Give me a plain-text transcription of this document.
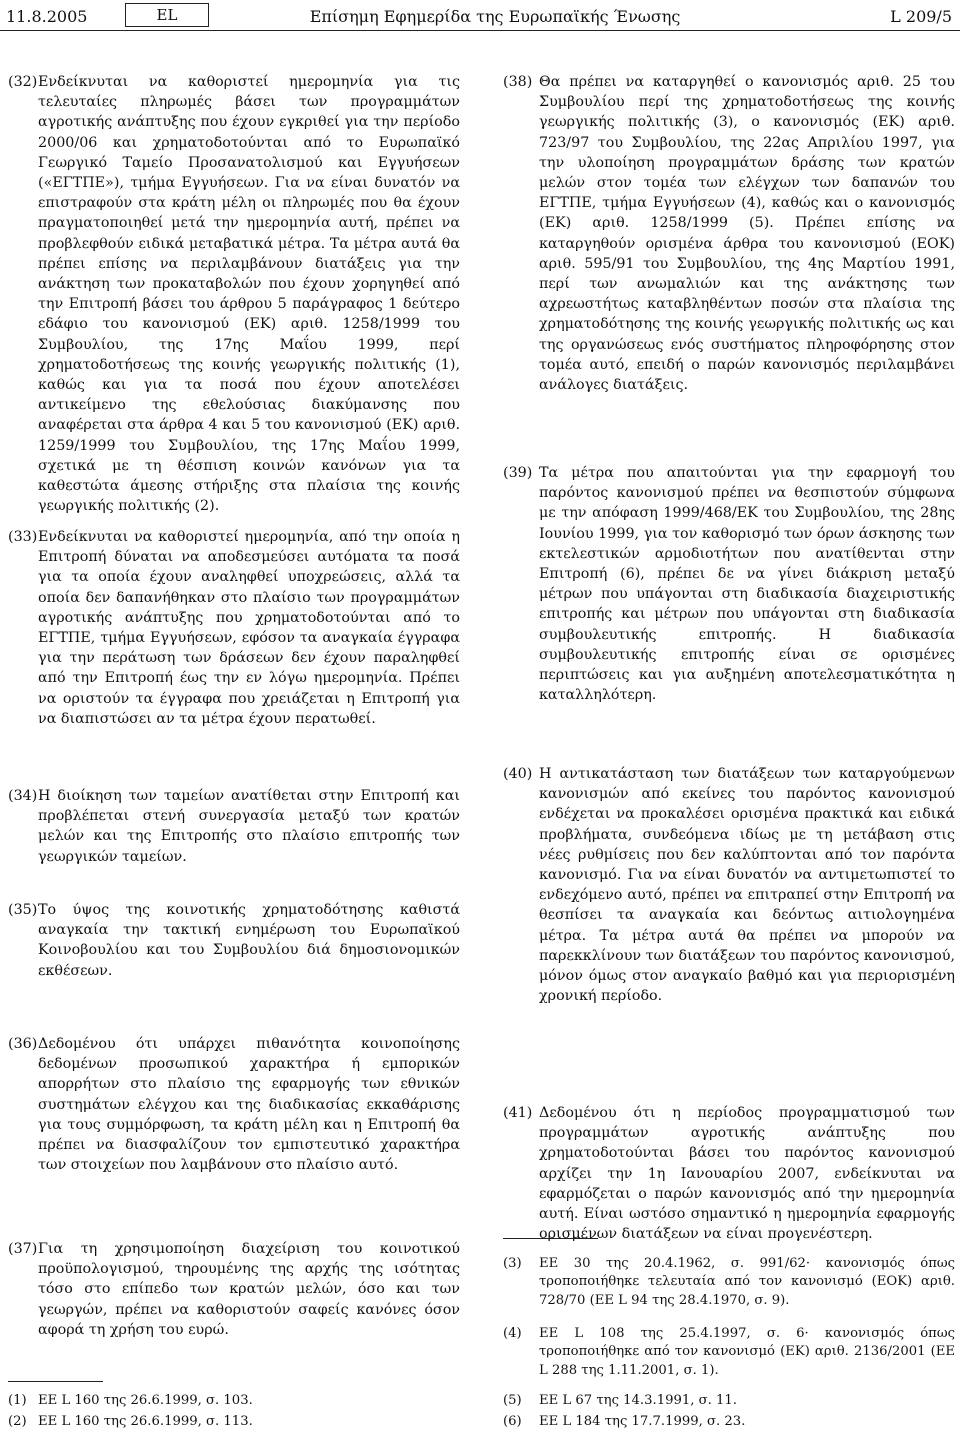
11.8.2005	EL	Επίσημη Εφημερίδα της Ευρωπαϊκής Ένωσης	L 209/5
(32) Ενδείκνυται να καθοριστεί ημερομηνία για τις τελευταίες πληρωμές βάσει των προγραμμάτων αγροτικής ανάπτυξης που έχουν εγκριθεί για την περίοδο 2000/06 και χρηματοδοτούνται από το Ευρωπαϊκό Γεωργικό Ταμείο Προσανατολισμού και Εγγυήσεων («ΕΓΤΠΕ»), τμήμα Εγγυήσεων. Για να είναι δυνατόν να επιστραφούν στα κράτη μέλη οι πληρωμές που θα έχουν πραγματοποιηθεί μετά την ημερομηνία αυτή, πρέπει να προβλεφθούν ειδικά μεταβατικά μέτρα. Τα μέτρα αυτά θα πρέπει επίσης να περιλαμβάνουν διατάξεις για την ανάκτηση των προκαταβολών που έχουν χορηγηθεί από την Επιτροπή βάσει του άρθρου 5 παράγραφος 1 δεύτερο εδάφιο του κανονισμού (ΕΚ) αριθ. 1258/1999 του Συμβουλίου, της 17ης Μαΐου 1999, περί χρηματοδοτήσεως της κοινής γεωργικής πολιτικής (1), καθώς και για τα ποσά που έχουν αποτελέσει αντικείμενο της εθελούσιας διακύμανσης που αναφέρεται στα άρθρα 4 και 5 του κανονισμού (ΕΚ) αριθ. 1259/1999 του Συμβουλίου, της 17ης Μαΐου 1999, σχετικά με τη θέσπιση κοινών κανόνων για τα καθεστώτα άμεσης στήριξης στα πλαίσια της κοινής γεωργικής πολιτικής (2).
(33) Ενδείκνυται να καθοριστεί ημερομηνία, από την οποία η Επιτροπή δύναται να αποδεσμεύσει αυτόματα τα ποσά για τα οποία έχουν αναληφθεί υποχρεώσεις, αλλά τα οποία δεν δαπανήθηκαν στο πλαίσιο των προγραμμάτων αγροτικής ανάπτυξης που χρηματοδοτούνται από το ΕΓΤΠΕ, τμήμα Εγγυήσεων, εφόσον τα αναγκαία έγγραφα για την περάτωση των δράσεων δεν έχουν παραληφθεί από την Επιτροπή έως την εν λόγω ημερομηνία. Πρέπει να οριστούν τα έγγραφα που χρειάζεται η Επιτροπή για να διαπιστώσει αν τα μέτρα έχουν περατωθεί.
(34) Η διοίκηση των ταμείων ανατίθεται στην Επιτροπή και προβλέπεται στενή συνεργασία μεταξύ των κρατών μελών και της Επιτροπής στο πλαίσιο επιτροπής των γεωργικών ταμείων.
(35) Το ύψος της κοινοτικής χρηματοδότησης καθιστά αναγκαία την τακτική ενημέρωση του Ευρωπαϊκού Κοινοβουλίου και του Συμβουλίου διά δημοσιονομικών εκθέσεων.
(36) Δεδομένου ότι υπάρχει πιθανότητα κοινοποίησης δεδομένων προσωπικού χαρακτήρα ή εμπορικών απορρήτων στο πλαίσιο της εφαρμογής των εθνικών συστημάτων ελέγχου και της διαδικασίας εκκαθάρισης για τους συμμόρφωση, τα κράτη μέλη και η Επιτροπή θα πρέπει να διασφαλίζουν τον εμπιστευτικό χαρακτήρα των στοιχείων που λαμβάνουν στο πλαίσιο αυτό.
(37) Για τη χρησιμοποίηση διαχείριση του κοινοτικού προϋπολογισμού, τηρουμένης της αρχής της ισότητας τόσο στο επίπεδο των κρατών μελών, όσο και των γεωργών, πρέπει να καθοριστούν σαφείς κανόνες όσον αφορά τη χρήση του ευρώ.
(1) ΕΕ L 160 της 26.6.1999, σ. 103.
(2) ΕΕ L 160 της 26.6.1999, σ. 113.
(38) Θα πρέπει να καταργηθεί ο κανονισμός αριθ. 25 του Συμβουλίου περί της χρηματοδοτήσεως της κοινής γεωργικής πολιτικής (3), ο κανονισμός (ΕΚ) αριθ. 723/97 του Συμβουλίου, της 22ας Απριλίου 1997, για την υλοποίηση προγραμμάτων δράσης των κρατών μελών στον τομέα των ελέγχων των δαπανών του ΕΓΤΠΕ, τμήμα Εγγυήσεων (4), καθώς και ο κανονισμός (ΕΚ) αριθ. 1258/1999 (5). Πρέπει επίσης να καταργηθούν ορισμένα άρθρα του κανονισμού (ΕΟΚ) αριθ. 595/91 του Συμβουλίου, της 4ης Μαρτίου 1991, περί των ανωμαλιών και της ανάκτησης των αχρεωστήτως καταβληθέντων ποσών στα πλαίσια της χρηματοδότησης της κοινής γεωργικής πολιτικής ως και της οργανώσεως ενός συστήματος πληροφόρησης στον τομέα αυτό, επειδή ο παρών κανονισμός περιλαμβάνει ανάλογες διατάξεις.
(39) Τα μέτρα που απαιτούνται για την εφαρμογή του παρόντος κανονισμού πρέπει να θεσπιστούν σύμφωνα με την απόφαση 1999/468/ΕΚ του Συμβουλίου, της 28ης Ιουνίου 1999, για τον καθορισμό των όρων άσκησης των εκτελεστικών αρμοδιοτήτων που ανατίθενται στην Επιτροπή (6), πρέπει δε να γίνει διάκριση μεταξύ μέτρων που υπάγονται στη διαδικασία διαχειριστικής επιτροπής και μέτρων που υπάγονται στη διαδικασία συμβουλευτικής επιτροπής. Η διαδικασία συμβουλευτικής επιτροπής είναι σε ορισμένες περιπτώσεις και για αυξημένη αποτελεσματικότητα η καταλληλότερη.
(40) Η αντικατάσταση των διατάξεων των καταργούμενων κανονισμών από εκείνες του παρόντος κανονισμού ενδέχεται να προκαλέσει ορισμένα πρακτικά και ειδικά προβλήματα, συνδεόμενα ιδίως με τη μετάβαση στις νέες ρυθμίσεις που δεν καλύπτονται από τον παρόντα κανονισμό. Για να είναι δυνατόν να αντιμετωπιστεί το ενδεχόμενο αυτό, πρέπει να επιτραπεί στην Επιτροπή να θεσπίσει τα αναγκαία και δεόντως αιτιολογημένα μέτρα. Τα μέτρα αυτά θα πρέπει να μπορούν να παρεκκλίνουν των διατάξεων του παρόντος κανονισμού, μόνον όμως στον αναγκαίο βαθμό και για περιορισμένη χρονική περίοδο.
(41) Δεδομένου ότι η περίοδος προγραμματισμού των προγραμμάτων αγροτικής ανάπτυξης που χρηματοδοτούνται βάσει του παρόντος κανονισμού αρχίζει την 1η Ιανουαρίου 2007, ενδείκνυται να εφαρμόζεται ο παρών κανονισμός από την ημερομηνία αυτή. Είναι ωστόσο σημαντικό η ημερομηνία εφαρμογής ορισμένων διατάξεων να είναι προγενέστερη.
(3) ΕΕ 30 της 20.4.1962, σ. 991/62· κανονισμός όπως τροποποιήθηκε τελευταία από τον κανονισμό (ΕΟΚ) αριθ. 728/70 (ΕΕ L 94 της 28.4.1970, σ. 9).
(4) ΕΕ L 108 της 25.4.1997, σ. 6· κανονισμός όπως τροποποιήθηκε από τον κανονισμό (ΕΚ) αριθ. 2136/2001 (ΕΕ L 288 της 1.11.2001, σ. 1).
(5) ΕΕ L 67 της 14.3.1991, σ. 11.
(6) ΕΕ L 184 της 17.7.1999, σ. 23.
